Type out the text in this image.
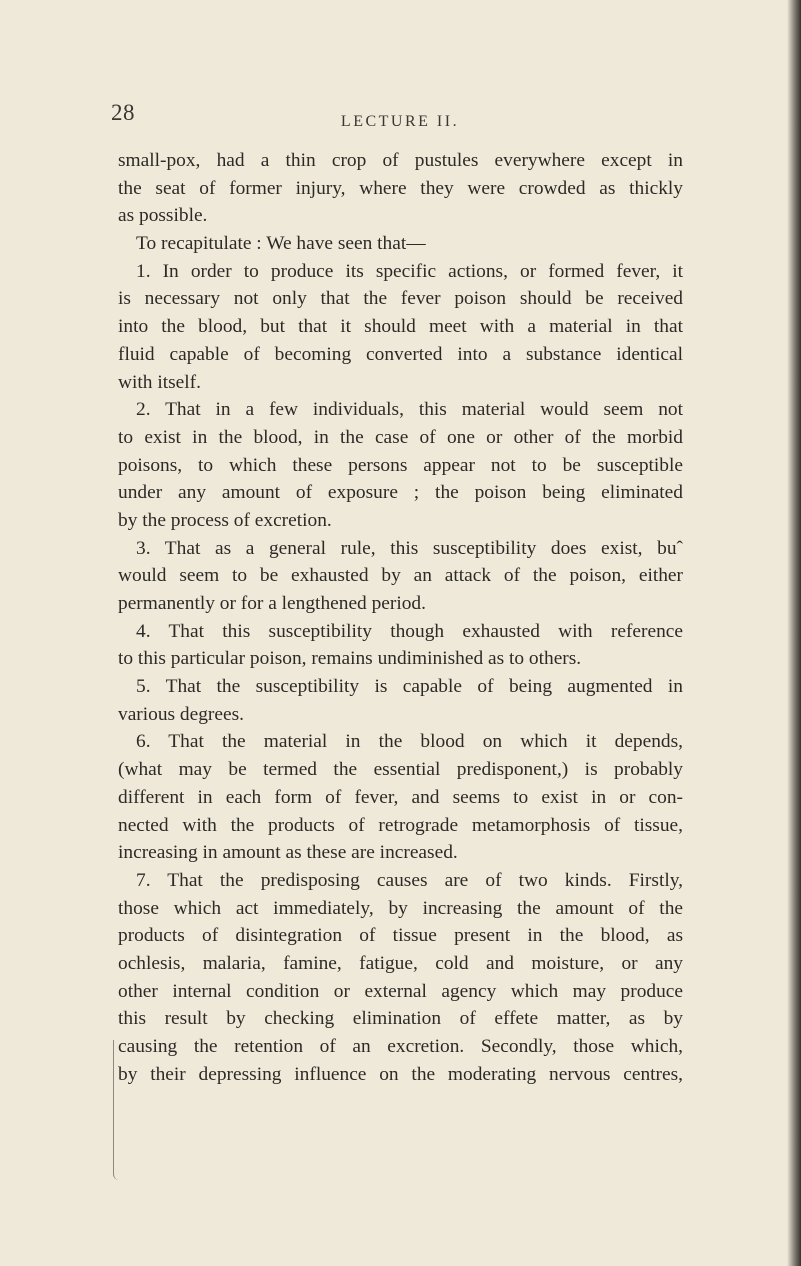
28	LECTURE II.
small-pox, had a thin crop of pustules everywhere except in
the seat of former injury, where they were crowded as thickly
as possible.
To recapitulate : We have seen that—
1. In order to produce its specific actions, or formed fever, it
is necessary not only that the fever poison should be received
into the blood, but that it should meet with a material in that
fluid capable of becoming converted into a substance identical
with itself.
2. That in a few individuals, this material would seem not
to exist in the blood, in the case of one or other of the morbid
poisons, to which these persons appear not to be susceptible
under any amount of exposure ; the poison being eliminated
by the process of excretion.
3. That as a general rule, this susceptibility does exist, buˆ
would seem to be exhausted by an attack of the poison, either
permanently or for a lengthened period.
4. That this susceptibility though exhausted with reference
to this particular poison, remains undiminished as to others.
5. That the susceptibility is capable of being augmented in
various degrees.
6. That the material in the blood on which it depends,
(what may be termed the essential predisponent,) is probably
different in each form of fever, and seems to exist in or con-
nected with the products of retrograde metamorphosis of tissue,
increasing in amount as these are increased.
7. That the predisposing causes are of two kinds. Firstly,
those which act immediately, by increasing the amount of the
products of disintegration of tissue present in the blood, as
ochlesis, malaria, famine, fatigue, cold and moisture, or any
other internal condition or external agency which may produce
this result by checking elimination of effete matter, as by
causing the retention of an excretion. Secondly, those which,
by their depressing influence on the moderating nervous centres,
